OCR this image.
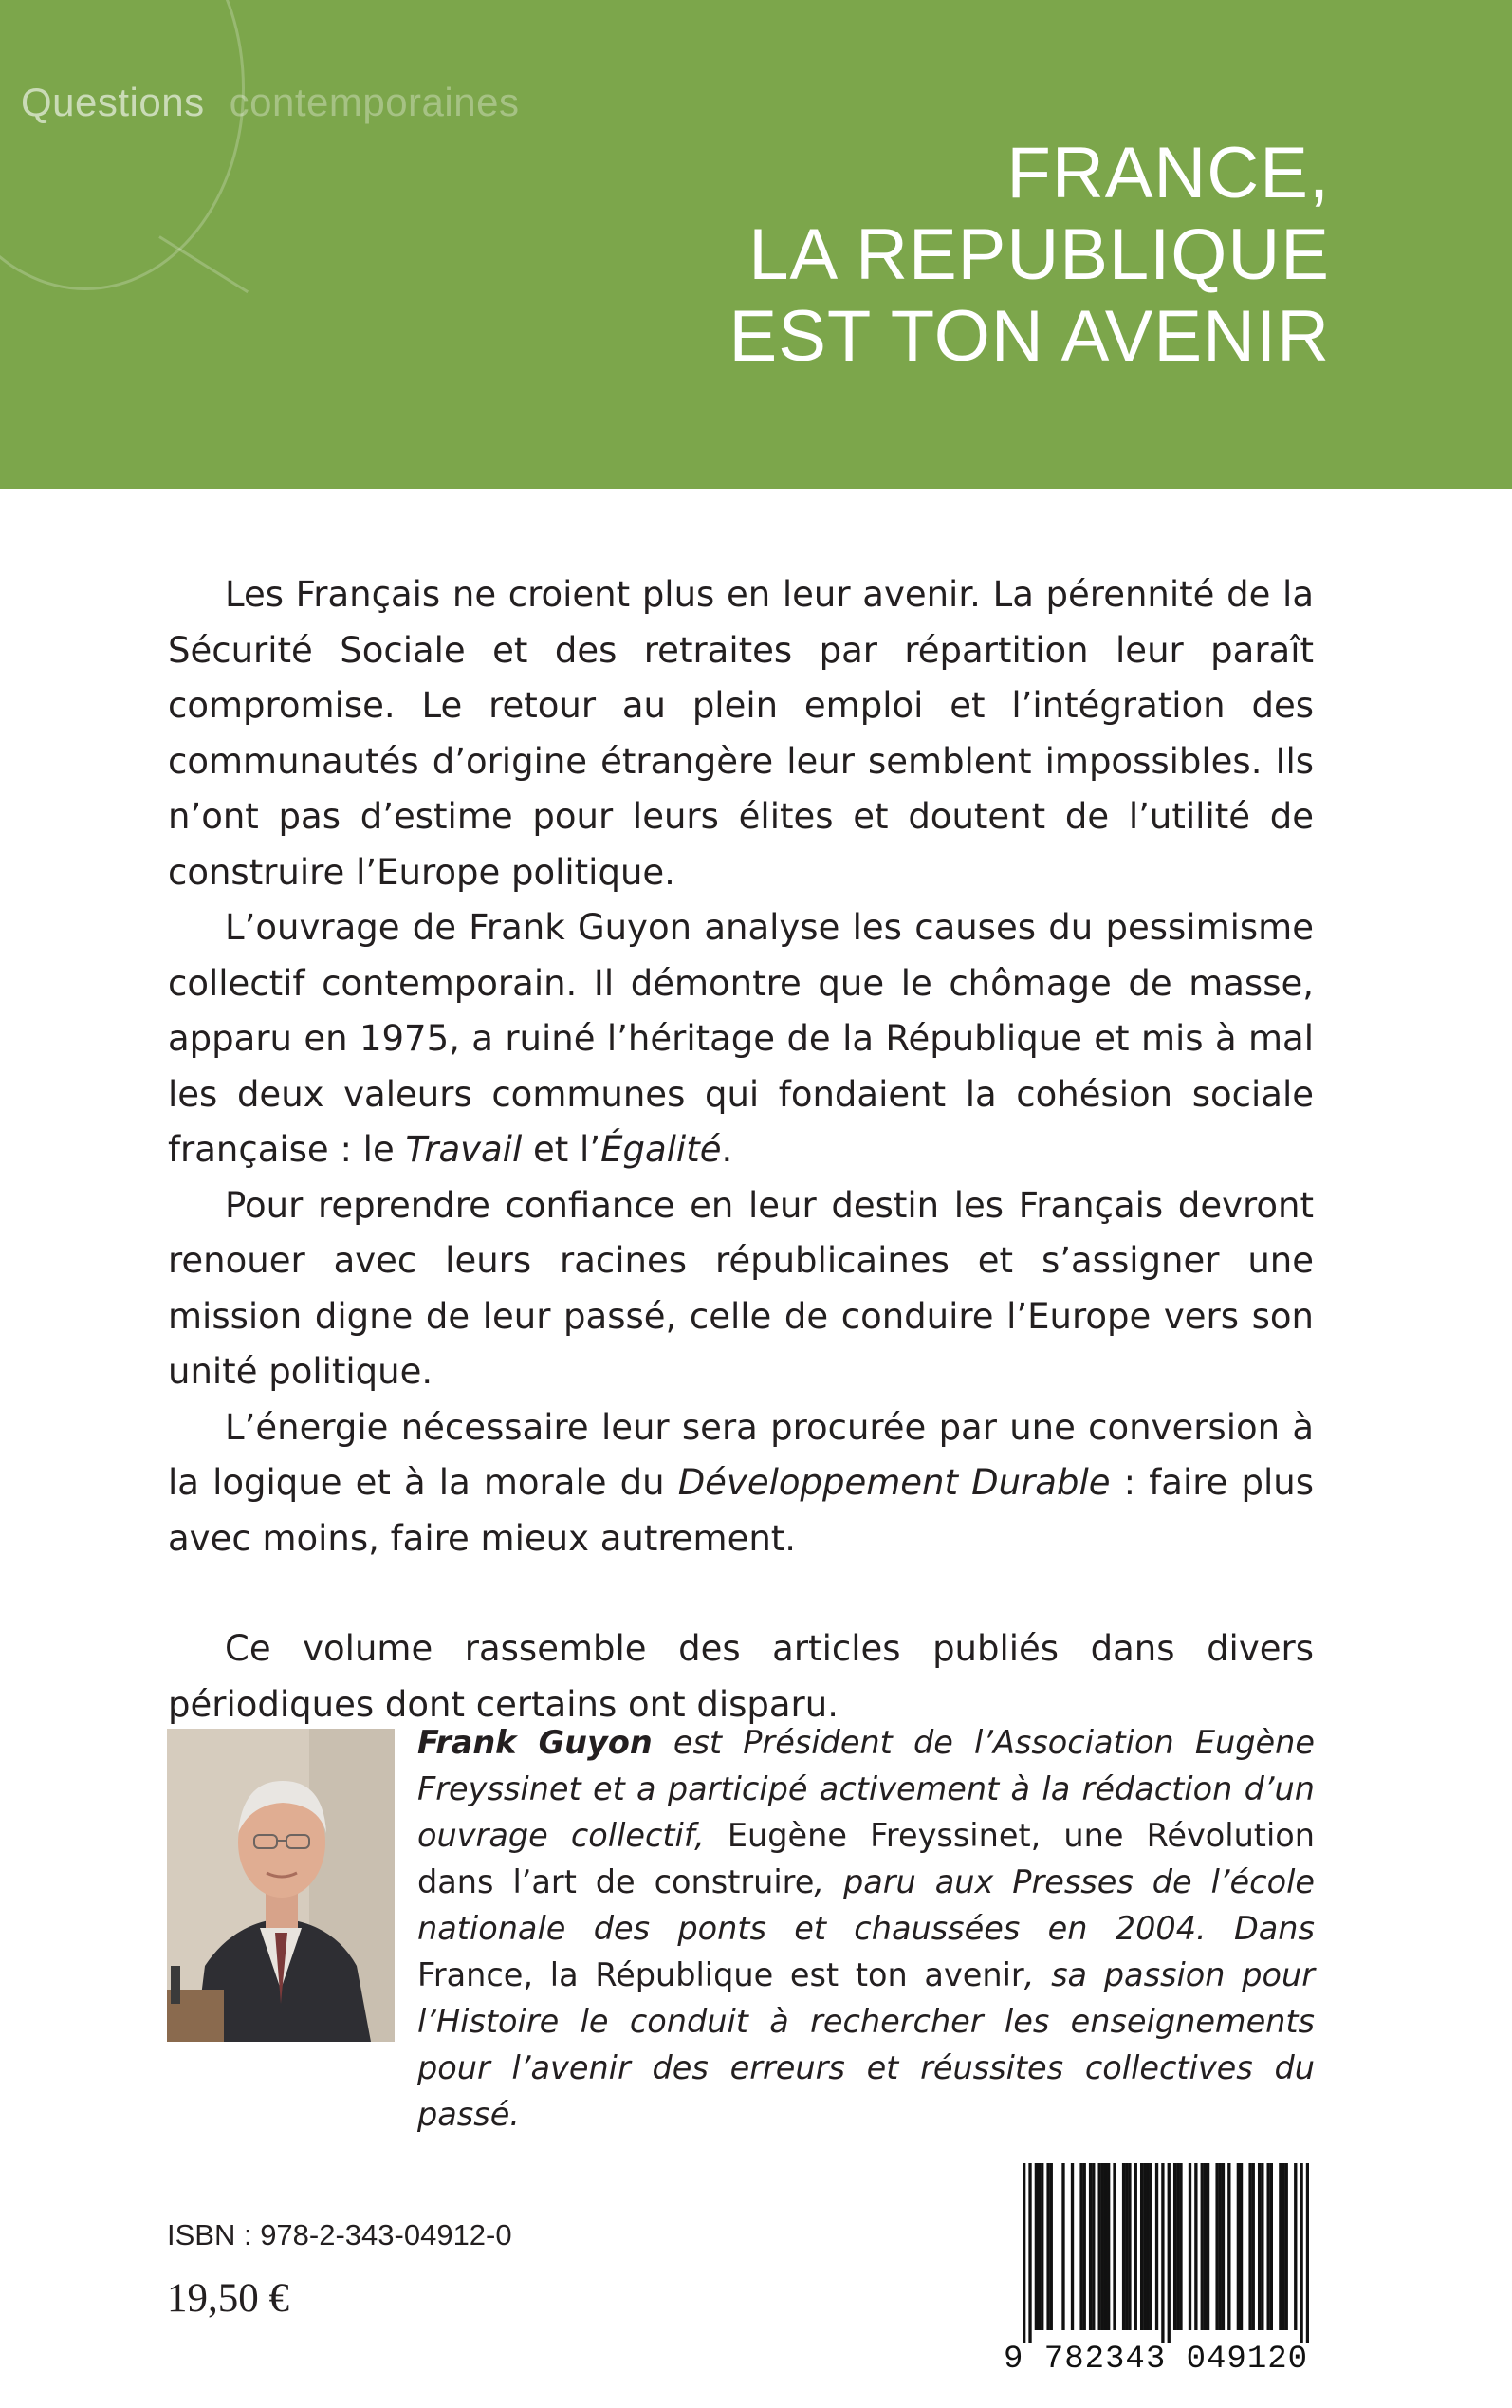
Questions contemporaines
FRANCE,
LA REPUBLIQUE
EST TON AVENIR

Les Français ne croient plus en leur avenir. La pérennité de la Sécurité Sociale et des retraites par répartition leur paraît compromise. Le retour au plein emploi et l’intégration des communautés d’origine étrangère leur semblent impossibles. Ils n’ont pas d’estime pour leurs élites et doutent de l’utilité de construire l’Europe politique.

L’ouvrage de Frank Guyon analyse les causes du pessimisme collectif contemporain. Il démontre que le chômage de masse, apparu en 1975, a ruiné l’héritage de la République et mis à mal les deux valeurs communes qui fondaient la cohésion sociale française : le Travail et l’Égalité.

Pour reprendre confiance en leur destin les Français devront renouer avec leurs racines républicaines et s’assigner une mission digne de leur passé, celle de conduire l’Europe vers son unité politique.

L’énergie nécessaire leur sera procurée par une conversion à la logique et à la morale du Développement Durable : faire plus avec moins, faire mieux autrement.

Ce volume rassemble des articles publiés dans divers périodiques dont certains ont disparu.

Frank Guyon est Président de l’Association Eugène Freyssinet et a participé activement à la rédaction d’un ouvrage collectif, Eugène Freyssinet, une Révolution dans l’art de construire, paru aux Presses de l’école nationale des ponts et chaussées en 2004. Dans France, la République est ton avenir, sa passion pour l’Histoire le conduit à rechercher les enseignements pour l’avenir des erreurs et réussites collectives du passé.

ISBN : 978-2-343-04912-0
19,50 €
9 782343 049120
